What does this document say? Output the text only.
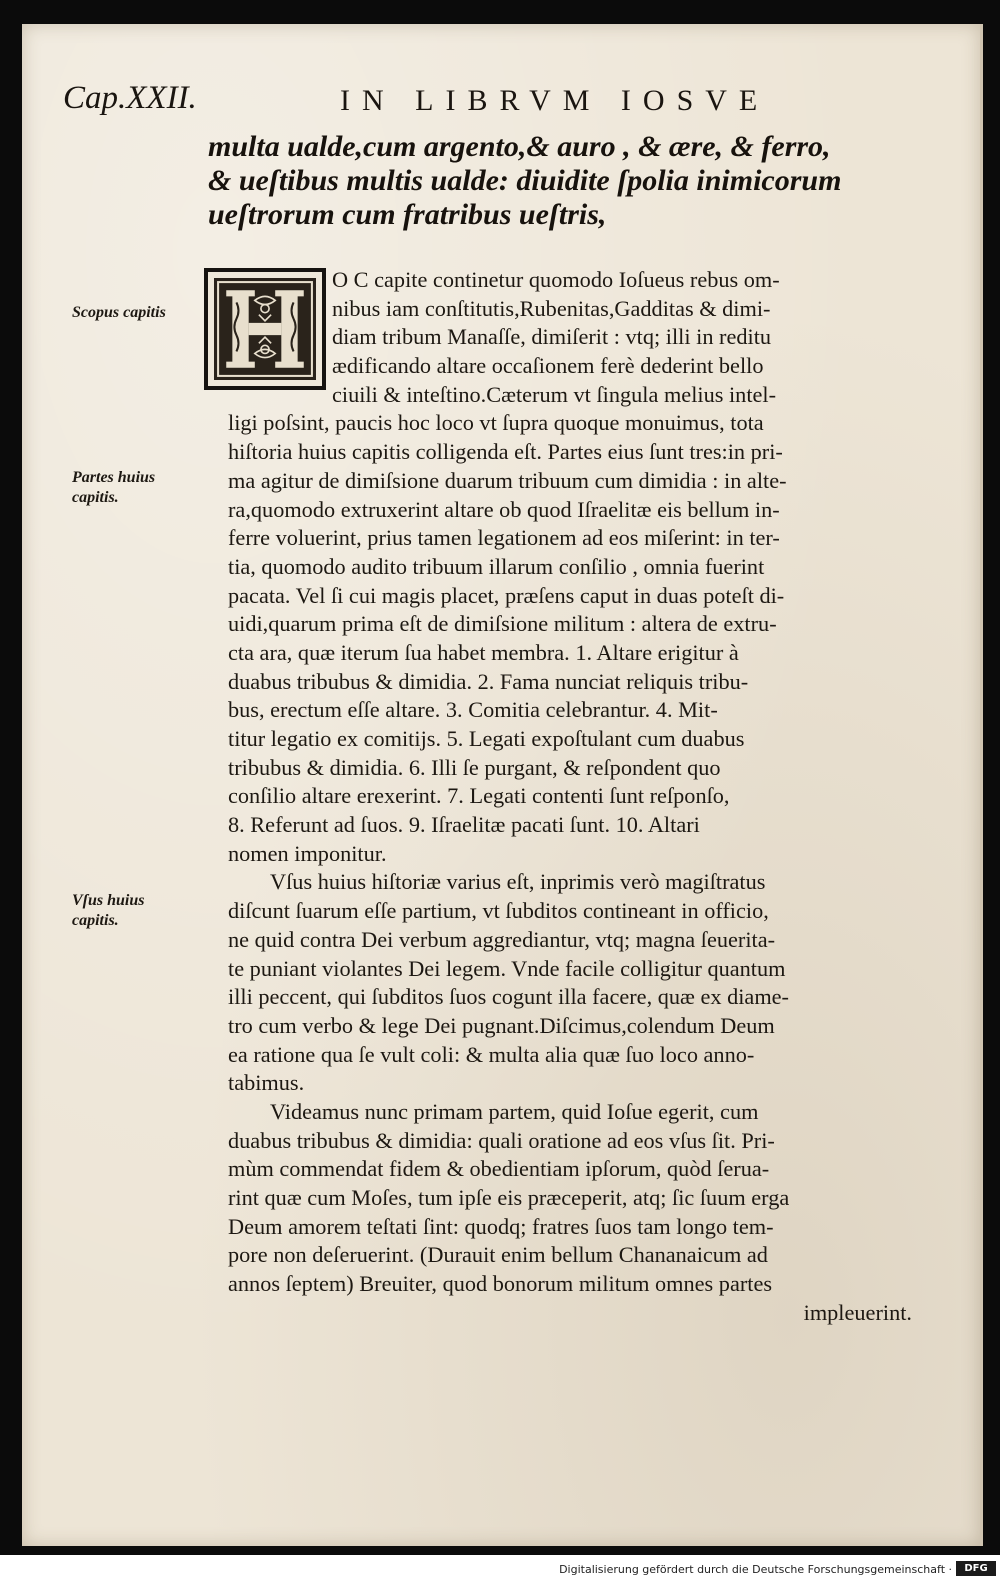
Cap.XXII.	IN LIBRVM IOSVE
multa ualde,cum argento,& auro , & ære, & ferro,
& ueſtibus multis ualde: diuidite ſpolia inimicorum
ueſtrorum cum fratribus ueſtris,
Scopus capitis
Partes huius capitis.
Vſus huius capitis.
O C capite continetur quomodo Ioſueus rebus om-
nibus iam conſtitutis,Rubenitas,Gadditas & dimi-
diam tribum Manaſſe, dimiſerit : vtq; illi in reditu
ædificando altare occaſionem ferè dederint bello
ciuili & inteſtino.Cæterum vt ſingula melius intel-
ligi poſsint, paucis hoc loco vt ſupra quoque monuimus, tota
hiſtoria huius capitis colligenda eſt. Partes eius ſunt tres:in pri-
ma agitur de dimiſsione duarum tribuum cum dimidia : in alte-
ra,quomodo extruxerint altare ob quod Iſraelitæ eis bellum in-
ferre voluerint, prius tamen legationem ad eos miſerint: in ter-
tia, quomodo audito tribuum illarum conſilio , omnia fuerint
pacata. Vel ſi cui magis placet, præſens caput in duas poteſt di-
uidi,quarum prima eſt de dimiſsione militum : altera de extru-
cta ara, quæ iterum ſua habet membra. 1. Altare erigitur à
duabus tribubus & dimidia. 2. Fama nunciat reliquis tribu-
bus, erectum eſſe altare. 3. Comitia celebrantur. 4. Mit-
titur legatio ex comitijs. 5. Legati expoſtulant cum duabus
tribubus & dimidia. 6. Illi ſe purgant, & reſpondent quo
conſilio altare erexerint. 7. Legati contenti ſunt reſponſo,
8. Referunt ad ſuos. 9. Iſraelitæ pacati ſunt. 10. Altari
nomen imponitur.
Vſus huius hiſtoriæ varius eſt, inprimis verò magiſtratus
diſcunt ſuarum eſſe partium, vt ſubditos contineant in officio,
ne quid contra Dei verbum aggrediantur, vtq; magna ſeuerita-
te puniant violantes Dei legem. Vnde facile colligitur quantum
illi peccent, qui ſubditos ſuos cogunt illa facere, quæ ex diame-
tro cum verbo & lege Dei pugnant.Diſcimus,colendum Deum
ea ratione qua ſe vult coli: & multa alia quæ ſuo loco anno-
tabimus.
Videamus nunc primam partem, quid Ioſue egerit, cum
duabus tribubus & dimidia: quali oratione ad eos vſus ſit. Pri-
mùm commendat fidem & obedientiam ipſorum, quòd ſerua-
rint quæ cum Moſes, tum ipſe eis præceperit, atq; ſic ſuum erga
Deum amorem teſtati ſint: quodq; fratres ſuos tam longo tem-
pore non deſeruerint. (Durauit enim bellum Chananaicum ad
annos ſeptem) Breuiter, quod bonorum militum omnes partes
impleuerint.
Digitalisierung gefördert durch die Deutsche Forschungsgemeinschaft ·	DFG
